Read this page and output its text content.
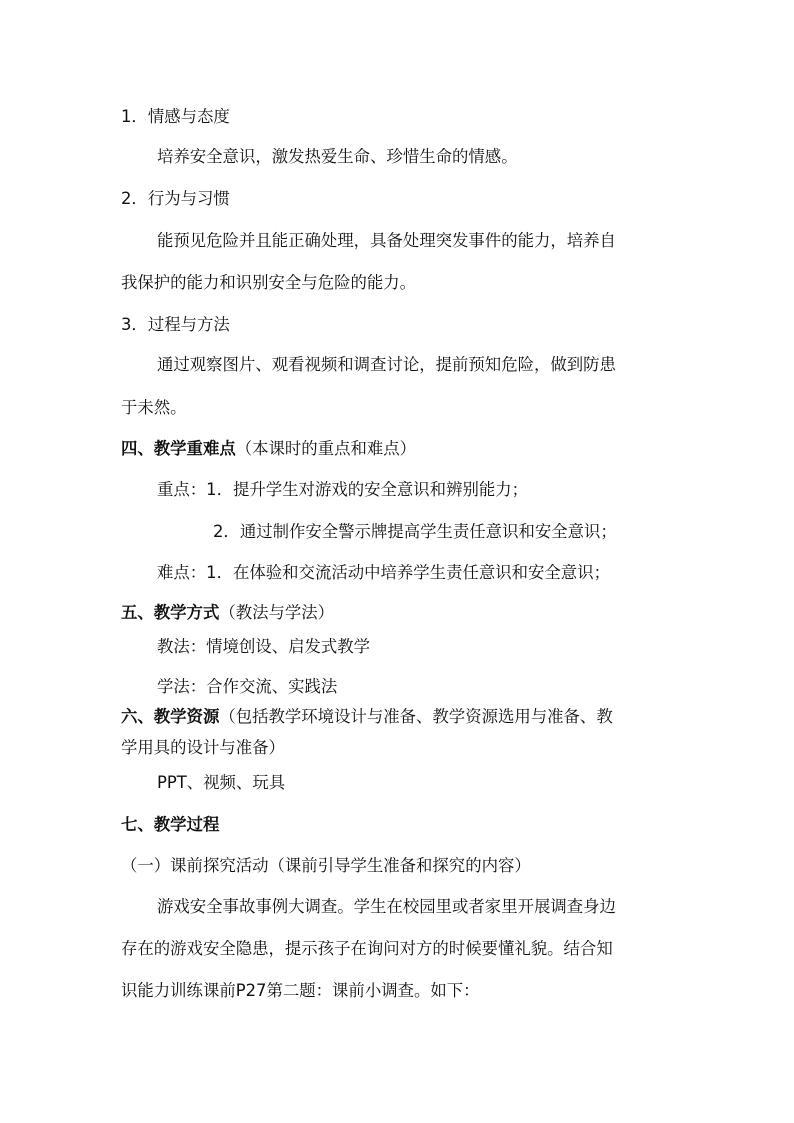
1．情感与态度
培养安全意识，激发热爱生命、珍惜生命的情感。
2．行为与习惯
能预见危险并且能正确处理，具备处理突发事件的能力，培养自
我保护的能力和识别安全与危险的能力。
3．过程与方法
通过观察图片、观看视频和调查讨论，提前预知危险，做到防患
于未然。
四、教学重难点（本课时的重点和难点）
重点：1．提升学生对游戏的安全意识和辨别能力；
2．通过制作安全警示牌提高学生责任意识和安全意识；
难点：1．在体验和交流活动中培养学生责任意识和安全意识；
五、教学方式（教法与学法）
教法：情境创设、启发式教学
学法：合作交流、实践法
六、教学资源（包括教学环境设计与准备、教学资源选用与准备、教
学用具的设计与准备）
PPT、视频、玩具
七、教学过程
（一）课前探究活动（课前引导学生准备和探究的内容）
游戏安全事故事例大调查。学生在校园里或者家里开展调查身边
存在的游戏安全隐患，提示孩子在询问对方的时候要懂礼貌。结合知
识能力训练课前P27第二题：课前小调查。如下：
